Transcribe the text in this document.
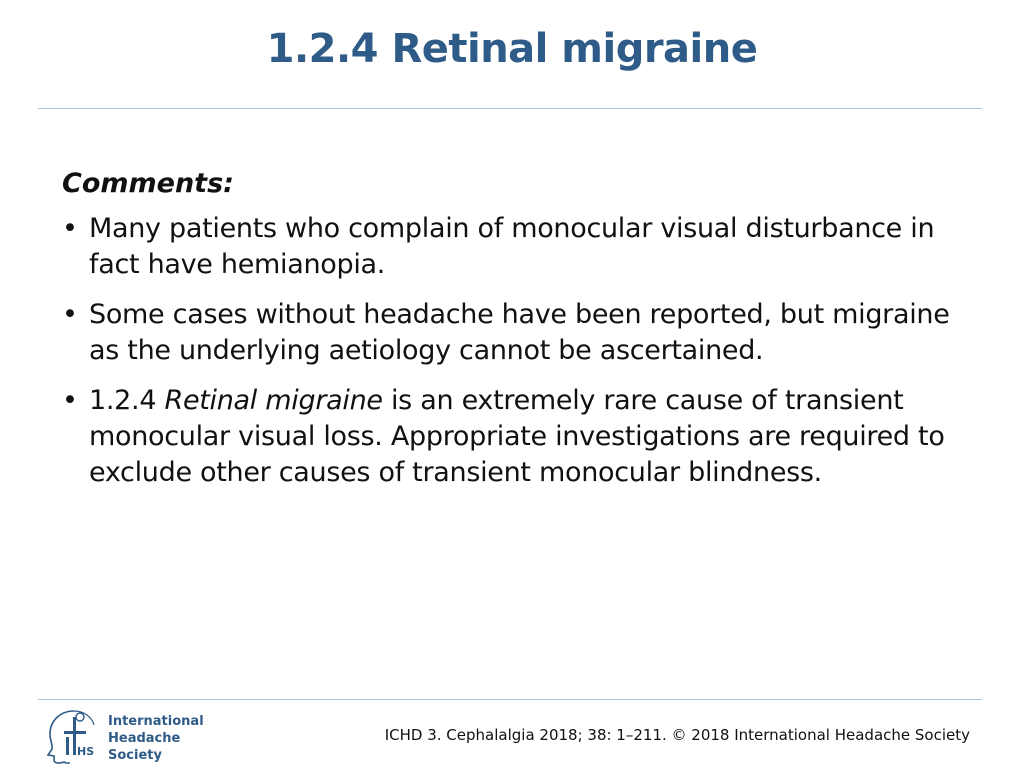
1.2.4 Retinal migraine
Comments:
• Many patients who complain of monocular visual disturbance in fact have hemianopia.
• Some cases without headache have been reported, but migraine as the underlying aetiology cannot be ascertained.
• 1.2.4 Retinal migraine is an extremely rare cause of transient monocular visual loss. Appropriate investigations are required to exclude other causes of transient monocular blindness.
HS
International
Headache Society
ICHD 3. Cephalalgia 2018; 38: 1–211. © 2018 International Headache Society
